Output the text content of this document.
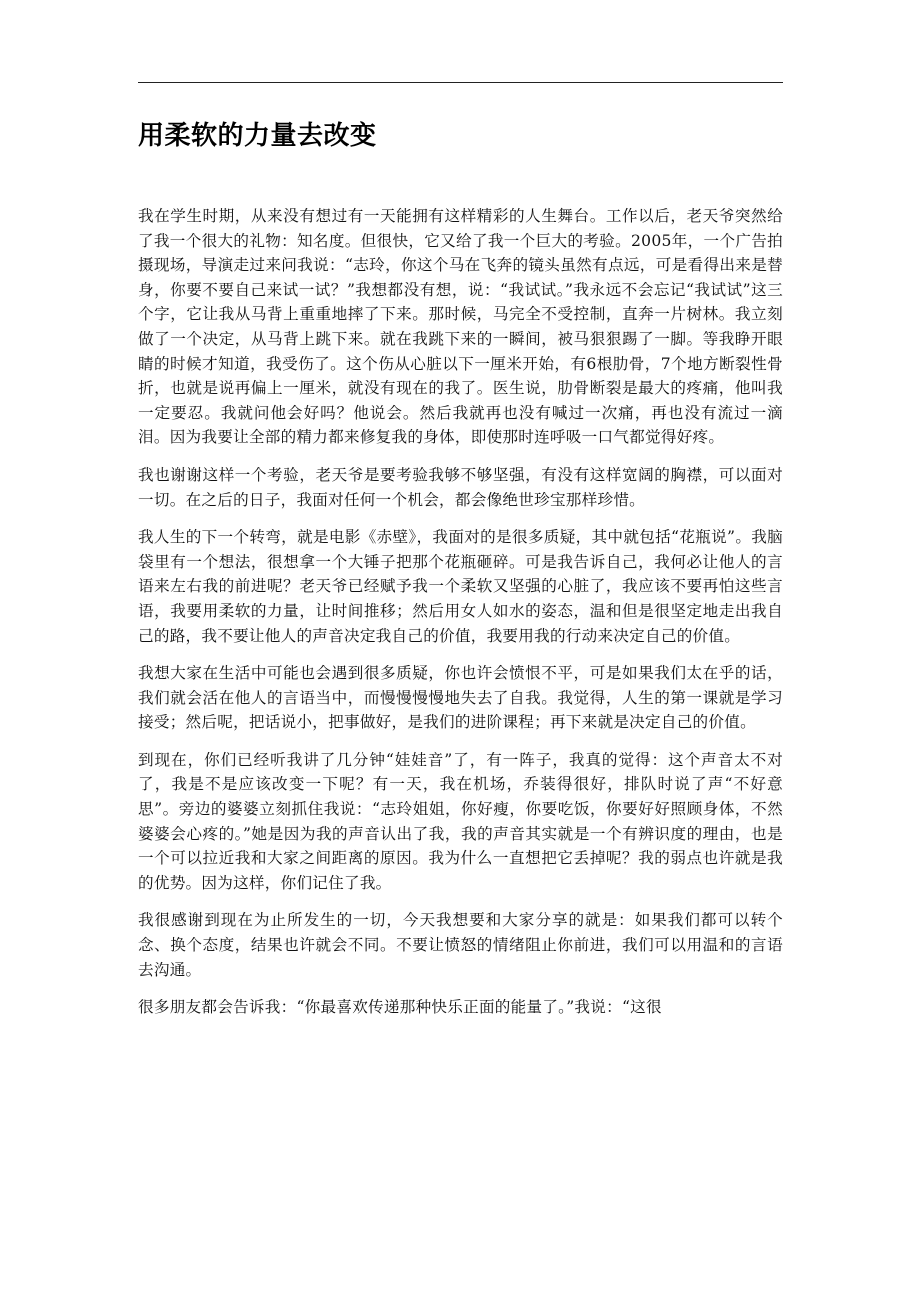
用柔软的力量去改变

我在学生时期，从来没有想过有一天能拥有这样精彩的人生舞台。工作以后，老天爷突然给了我一个很大的礼物：知名度。但很快，它又给了我一个巨大的考验。2005年，一个广告拍摄现场，导演走过来问我说：“志玲，你这个马在飞奔的镜头虽然有点远，可是看得出来是替身，你要不要自己来试一试？”我想都没有想，说：“我试试。”我永远不会忘记“我试试”这三个字，它让我从马背上重重地摔了下来。那时候，马完全不受控制，直奔一片树林。我立刻做了一个决定，从马背上跳下来。就在我跳下来的一瞬间，被马狠狠踢了一脚。等我睁开眼睛的时候才知道，我受伤了。这个伤从心脏以下一厘米开始，有6根肋骨，7个地方断裂性骨折，也就是说再偏上一厘米，就没有现在的我了。医生说，肋骨断裂是最大的疼痛，他叫我一定要忍。我就问他会好吗？他说会。然后我就再也没有喊过一次痛，再也没有流过一滴泪。因为我要让全部的精力都来修复我的身体，即使那时连呼吸一口气都觉得好疼。

我也谢谢这样一个考验，老天爷是要考验我够不够坚强，有没有这样宽阔的胸襟，可以面对一切。在之后的日子，我面对任何一个机会，都会像绝世珍宝那样珍惜。

我人生的下一个转弯，就是电影《赤壁》，我面对的是很多质疑，其中就包括“花瓶说”。我脑袋里有一个想法，很想拿一个大锤子把那个花瓶砸碎。可是我告诉自己，我何必让他人的言语来左右我的前进呢？老天爷已经赋予我一个柔软又坚强的心脏了，我应该不要再怕这些言语，我要用柔软的力量，让时间推移；然后用女人如水的姿态，温和但是很坚定地走出我自己的路，我不要让他人的声音决定我自己的价值，我要用我的行动来决定自己的价值。

我想大家在生活中可能也会遇到很多质疑，你也许会愤恨不平，可是如果我们太在乎的话，我们就会活在他人的言语当中，而慢慢慢慢地失去了自我。我觉得，人生的第一课就是学习接受；然后呢，把话说小，把事做好，是我们的进阶课程；再下来就是决定自己的价值。

到现在，你们已经听我讲了几分钟“娃娃音”了，有一阵子，我真的觉得：这个声音太不对了，我是不是应该改变一下呢？有一天，我在机场，乔装得很好，排队时说了声“不好意思”。旁边的婆婆立刻抓住我说：“志玲姐姐，你好瘦，你要吃饭，你要好好照顾身体，不然婆婆会心疼的。”她是因为我的声音认出了我，我的声音其实就是一个有辨识度的理由，也是一个可以拉近我和大家之间距离的原因。我为什么一直想把它丢掉呢？我的弱点也许就是我的优势。因为这样，你们记住了我。

我很感谢到现在为止所发生的一切，今天我想要和大家分享的就是：如果我们都可以转个念、换个态度，结果也许就会不同。不要让愤怒的情绪阻止你前进，我们可以用温和的言语去沟通。

很多朋友都会告诉我：“你最喜欢传递那种快乐正面的能量了。”我说：“这很
